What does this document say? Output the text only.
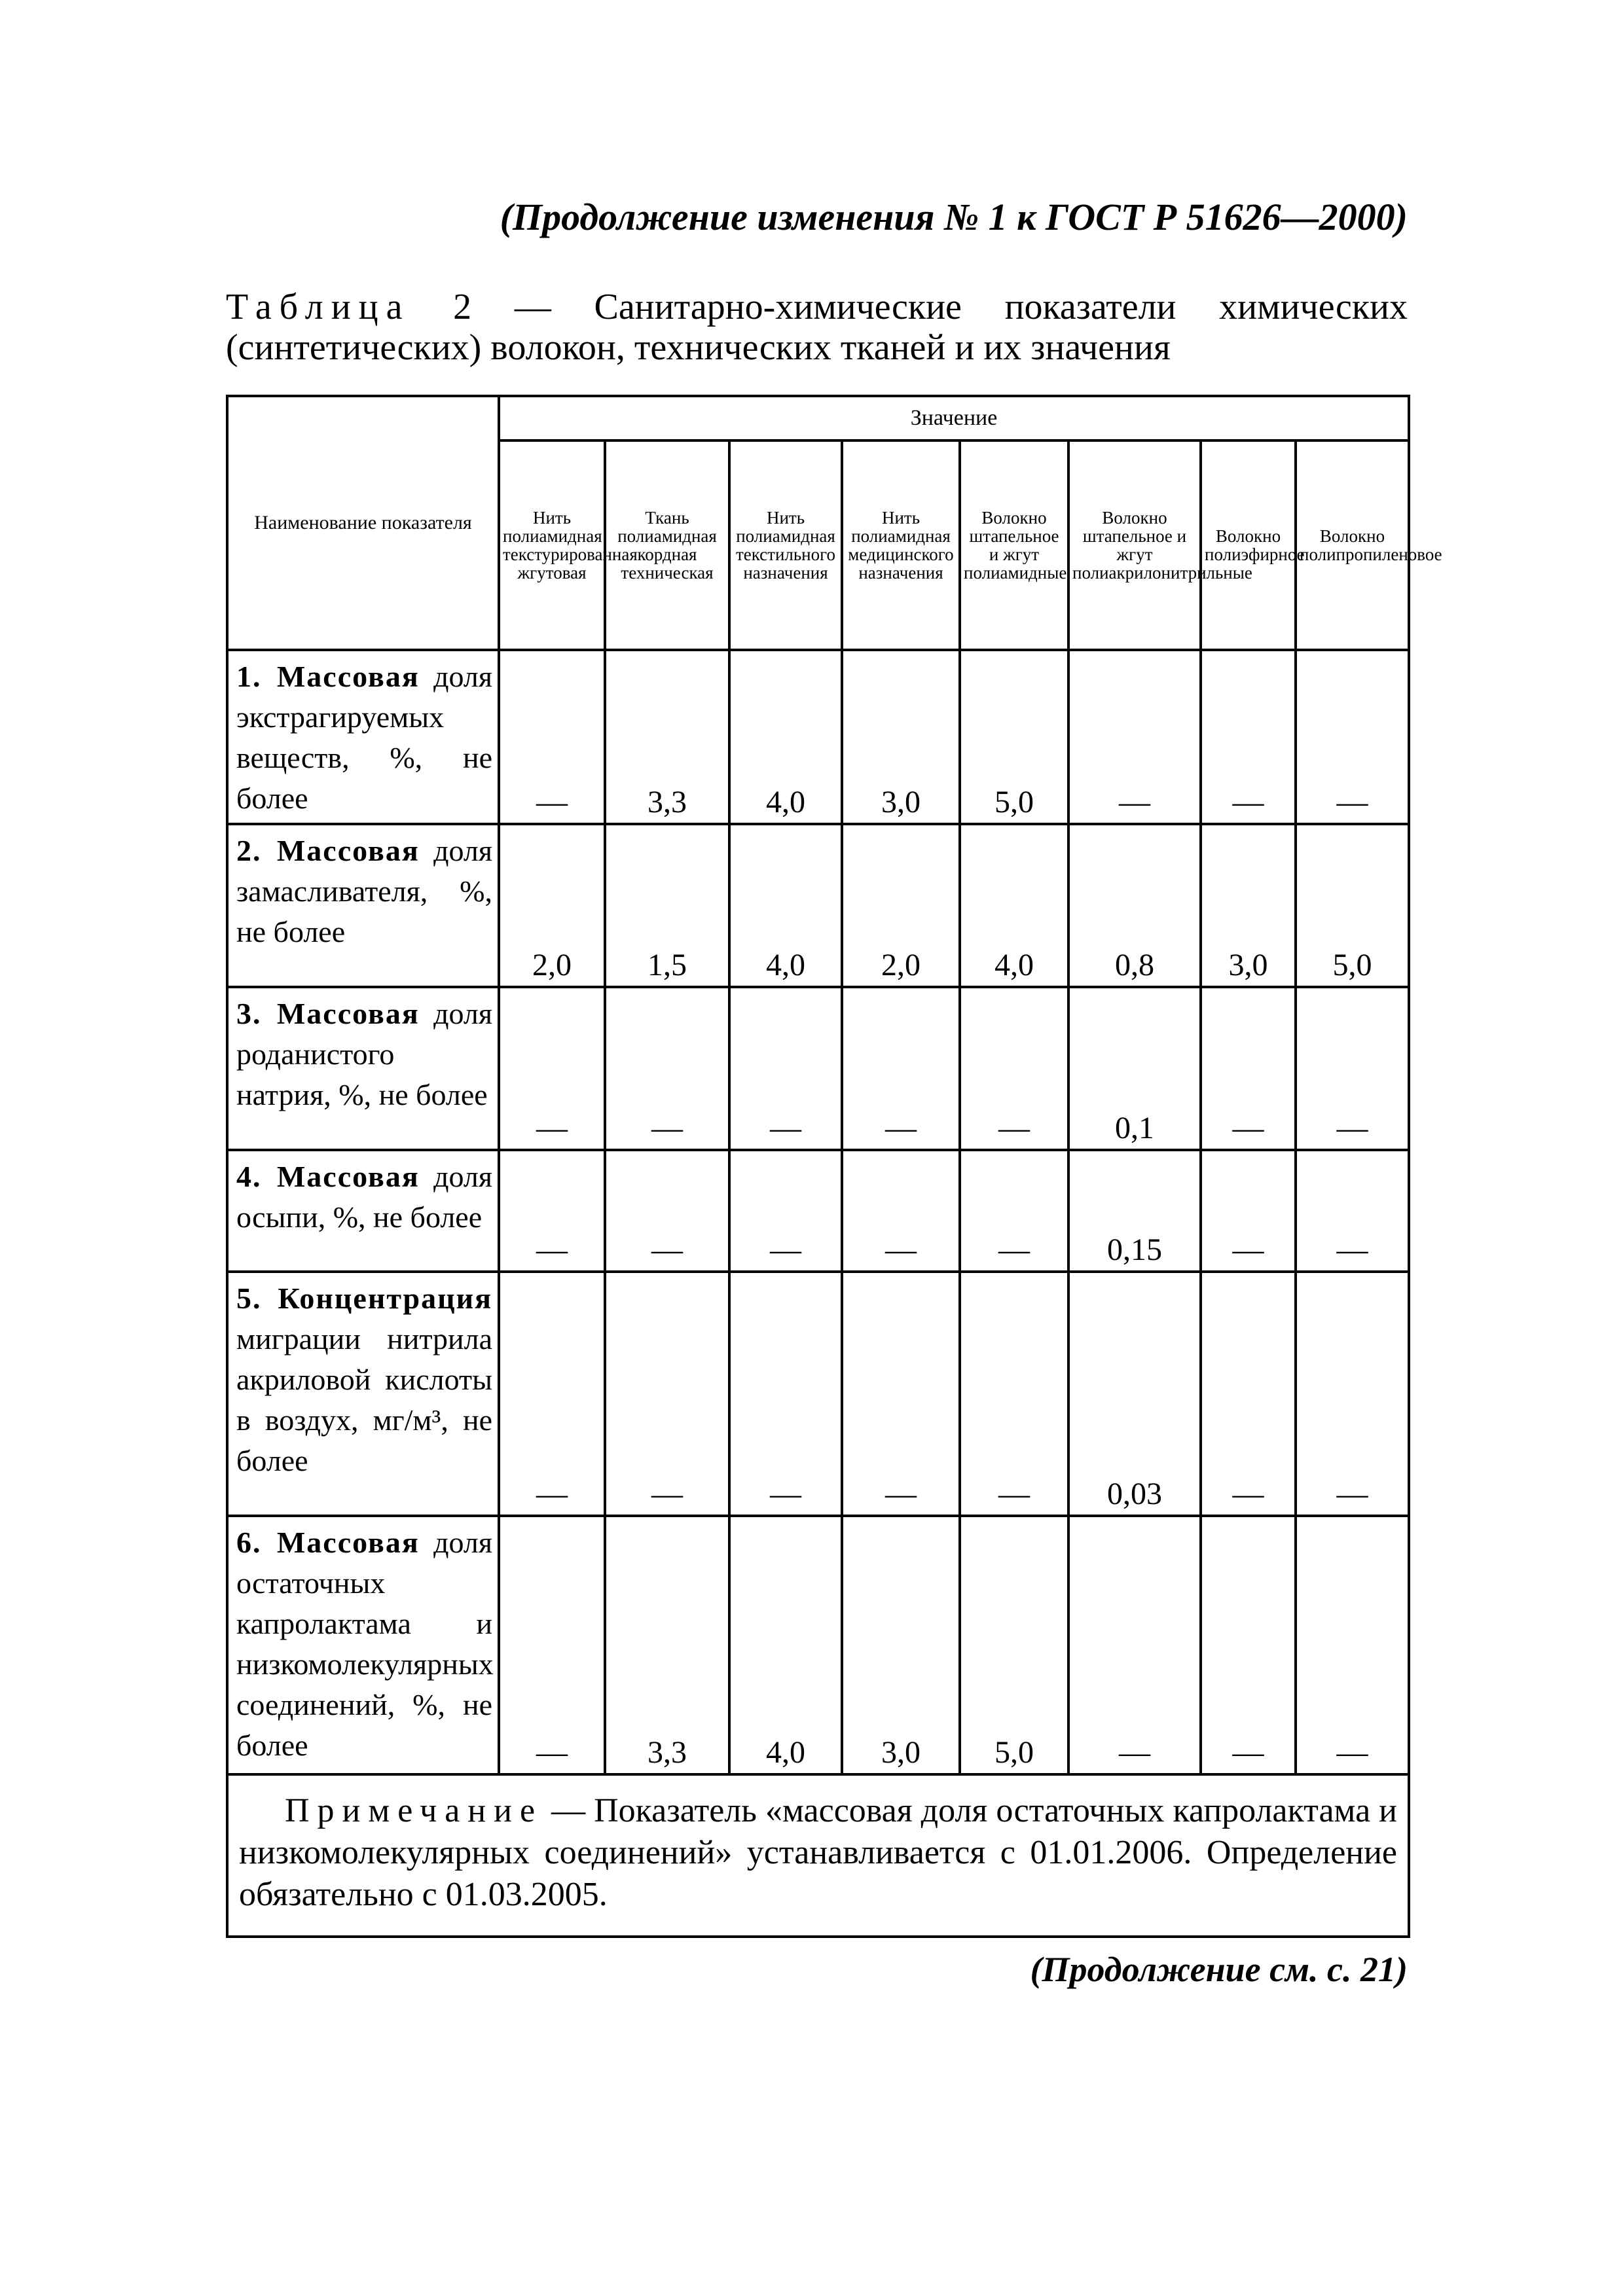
(Продолжение изменения № 1 к ГОСТ Р 51626—2000)
Таблица 2 — Санитарно-химические показатели химических (синтетических) волокон, технических тканей и их значения
Наименование показателя	Значение							
	Нить полиамидная текстурированная жгутовая	Ткань полиамидная кордная техническая	Нить полиамидная текстильного назначения	Нить полиамидная медицинского назначения	Волокно штапельное и жгут полиамидные	Волокно штапельное и жгут полиакрилонитрильные	Волокно полиэфирное	Волокно полипропиленовое
1. Массовая доля экстрагируемых веществ, %, не более	—	3,3	4,0	3,0	5,0	—	—	—
2. Массовая доля замасливателя, %, не более	2,0	1,5	4,0	2,0	4,0	0,8	3,0	5,0
3. Массовая доля роданистого натрия, %, не более	—	—	—	—	—	0,1	—	—
4. Массовая доля осыпи, %, не более	—	—	—	—	—	0,15	—	—
5. Концентрация миграции нитрила акриловой кислоты в воздух, мг/м³, не более	—	—	—	—	—	0,03	—	—
6. Массовая доля остаточных капролактама и низкомолекулярных соединений, %, не более	—	3,3	4,0	3,0	5,0	—	—	—
Примечание — Показатель «массовая доля остаточных капролактама и низкомолекулярных соединений» устанавливается с 01.01.2006. Определение обязательно с 01.03.2005.								
(Продолжение см. с. 21)
